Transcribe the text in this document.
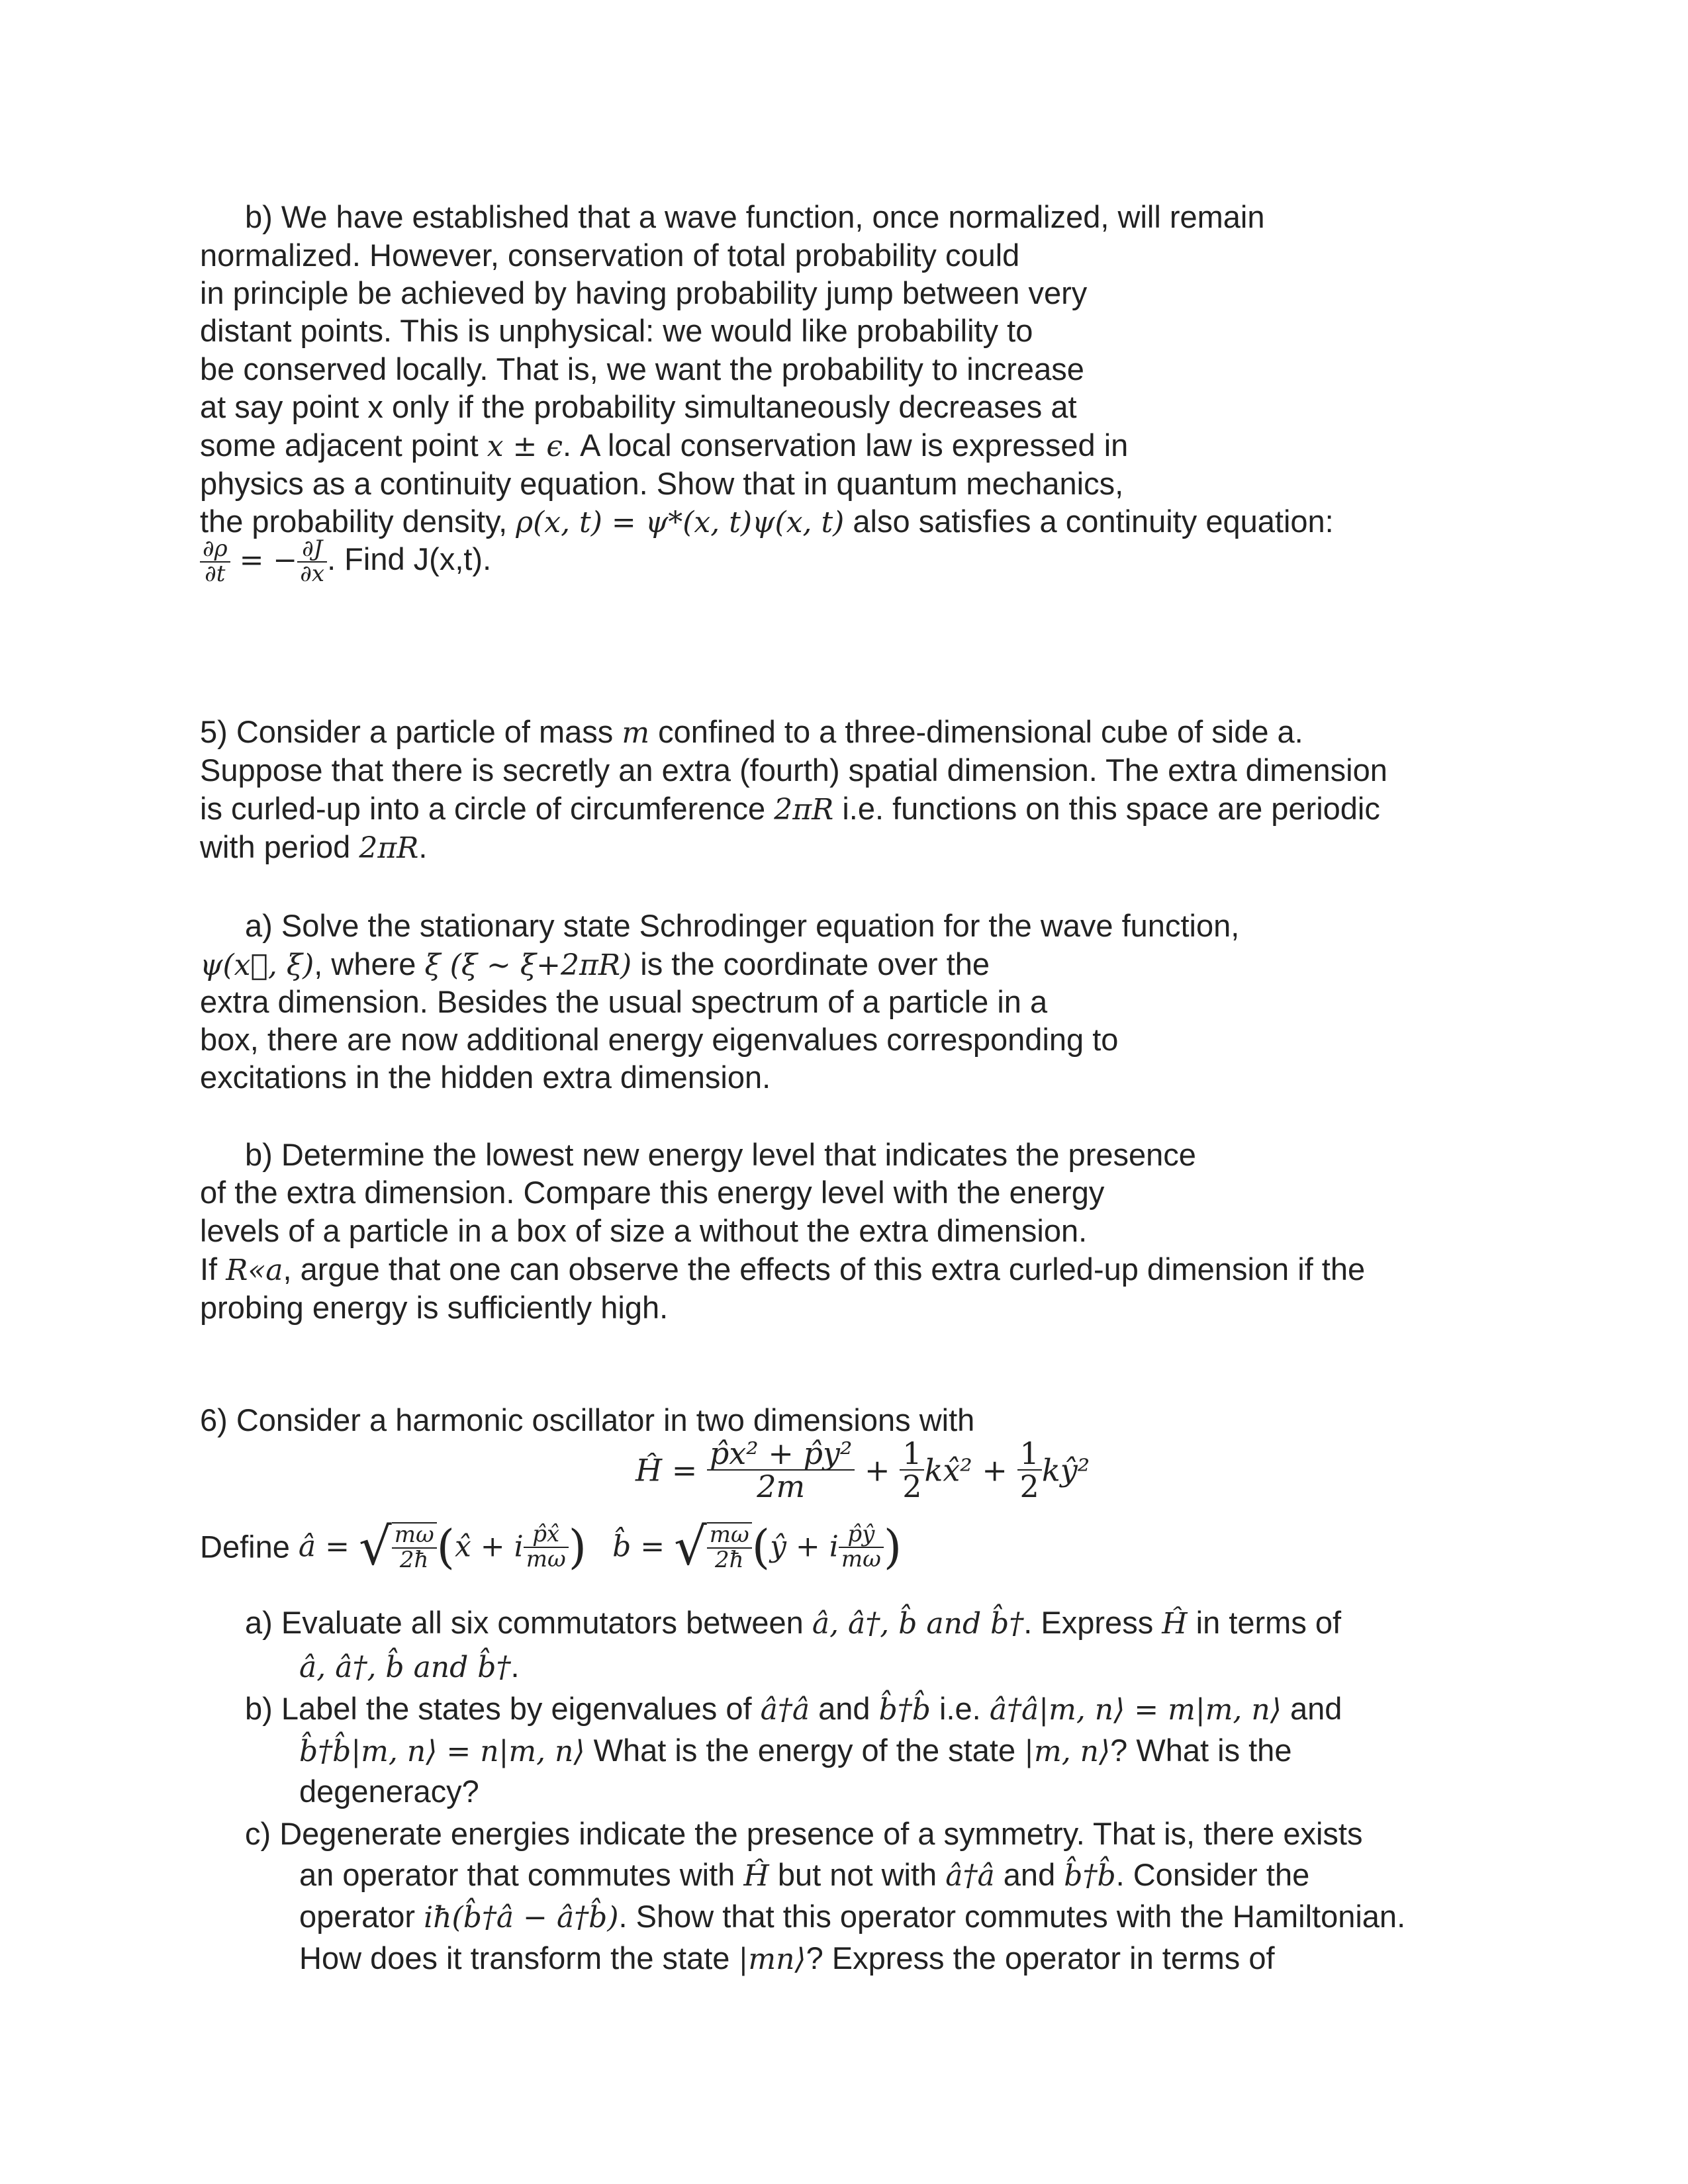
b) We have established that a wave function, once normalized, will remain
normalized. However, conservation of total probability could
in principle be achieved by having probability jump between very
distant points. This is unphysical: we would like probability to
be conserved locally. That is, we want the probability to increase
at say point x only if the probability simultaneously decreases at
some adjacent point x ± ϵ. A local conservation law is expressed in
physics as a continuity equation. Show that in quantum mechanics,
the probability density, ρ(x, t) = ψ*(x, t)ψ(x, t) also satisfies a continuity equation:
$\frac{\partial\rho}{\partial t}$ = − $\frac{\partial J}{\partial x}$ . Find J(x,t).
5) Consider a particle of mass m confined to a three-dimensional cube of side a.
Suppose that there is secretly an extra (fourth) spatial dimension. The extra dimension
is curled-up into a circle of circumference 2πR i.e. functions on this space are periodic
with period 2πR.
a) Solve the stationary state Schrodinger equation for the wave function,
ψ(x⃗, ξ), where ξ (ξ ~ ξ+2πR) is the coordinate over the
extra dimension. Besides the usual spectrum of a particle in a
box, there are now additional energy eigenvalues corresponding to
excitations in the hidden extra dimension.
b) Determine the lowest new energy level that indicates the presence
of the extra dimension. Compare this energy level with the energy
levels of a particle in a box of size a without the extra dimension.
If R«a, argue that one can observe the effects of this extra curled-up dimension if the
probing energy is sufficiently high.
6) Consider a harmonic oscillator in two dimensions with
Ĥ = $\frac{\text{p̂x² + p̂y²}}{2m} + \frac{1}{2}$ kx̂² + $\frac{1}{2}$ kŷ²
Define â = √ $\frac{m\omega}{2ħ}$ (x̂ + i $\frac{p̂x̂}{m\omega}$ ) b̂ = √ $\frac{m\omega}{2ħ}$ (ŷ + i $\frac{p̂ŷ}{m\omega}$ )
a) Evaluate all six commutators between â, â†, b̂ and b̂†. Express Ĥ in terms of
â, â†, b̂ and b̂†.
b) Label the states by eigenvalues of â†â and b̂†b̂ i.e. â†â|m, n⟩ = m|m, n⟩ and
b̂†b̂|m, n⟩ = n|m, n⟩ What is the energy of the state |m, n⟩? What is the
degeneracy?
c) Degenerate energies indicate the presence of a symmetry. That is, there exists
an operator that commutes with Ĥ but not with â†â and b̂†b̂. Consider the
operator iħ(b̂†â − â†b̂). Show that this operator commutes with the Hamiltonian.
How does it transform the state |mn⟩? Express the operator in terms of
